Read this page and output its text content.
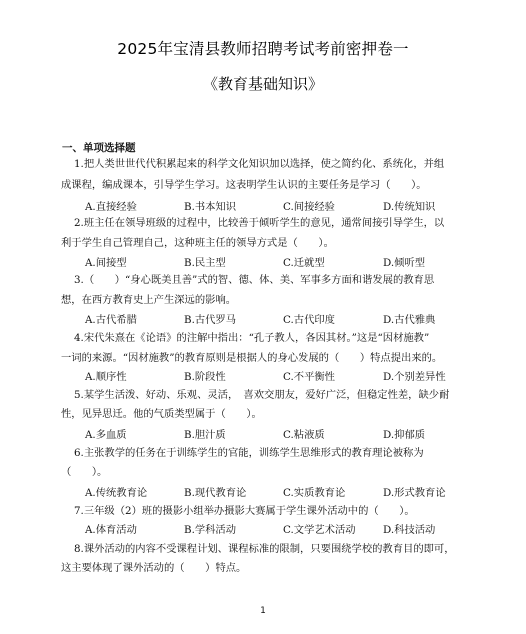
2025年宝清县教师招聘考试考前密押卷一
《教育基础知识》
一、单项选择题
1.把人类世世代代积累起来的科学文化知识加以选择，使之简约化、系统化，并组
成课程，编成课本，引导学生学习。这表明学生认识的主要任务是学习（　　）。
A.直接经验	B.书本知识	C.间接经验	D.传统知识
2.班主任在领导班级的过程中，比较善于倾听学生的意见，通常间接引导学生，以
利于学生自己管理自己，这种班主任的领导方式是（　　）。
A.间接型	B.民主型	C.迁就型	D.倾听型
3.（　　）“身心既美且善”式的智、德、体、美、军事多方面和谐发展的教育思
想，在西方教育史上产生深远的影响。
A.古代希腊	B.古代罗马	C.古代印度	D.古代雅典
4.宋代朱熹在《论语》的注解中指出：“孔子教人，各因其材。”这是“因材施教”
一词的来源。“因材施教”的教育原则是根据人的身心发展的（　　）特点提出来的。
A.顺序性	B.阶段性	C.不平衡性	D.个别差异性
5.某学生活泼、好动、乐观、灵活，　喜欢交朋友，爱好广泛，但稳定性差，缺少耐
性，见异思迁。他的气质类型属于（　　）。
A.多血质	B.胆汁质	C.粘液质	D.抑郁质
6.主张教学的任务在于训练学生的官能，训练学生思维形式的教育理论被称为
（　　）。
A.传统教育论	B.现代教育论	C.实质教育论	D.形式教育论
7.三年级（2）班的摄影小组举办摄影大赛属于学生课外活动中的（　　）。
A.体育活动	B.学科活动	C.文学艺术活动	D.科技活动
8.课外活动的内容不受课程计划、课程标准的限制，只要围绕学校的教育目的即可，
这主要体现了课外活动的（　　）特点。
1
